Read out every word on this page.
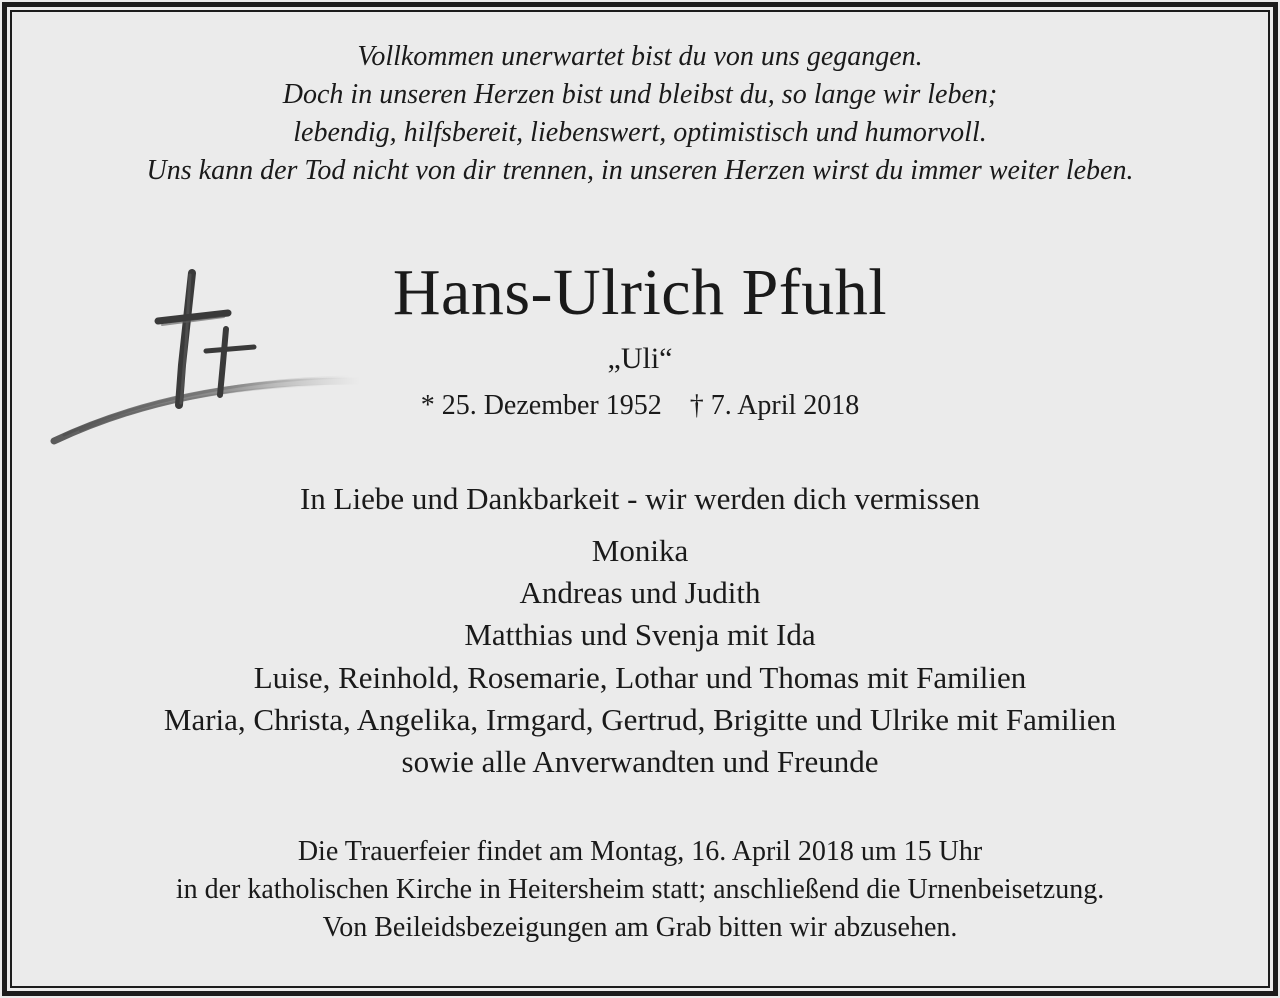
Vollkommen unerwartet bist du von uns gegangen.
Doch in unseren Herzen bist und bleibst du, so lange wir leben;
lebendig, hilfsbereit, liebenswert, optimistisch und humorvoll.
Uns kann der Tod nicht von dir trennen, in unseren Herzen wirst du immer weiter leben.
Hans-Ulrich Pfuhl
„Uli“
* 25. Dezember 1952 † 7. April 2018
In Liebe und Dankbarkeit - wir werden dich vermissen
Monika
Andreas und Judith
Matthias und Svenja mit Ida
Luise, Reinhold, Rosemarie, Lothar und Thomas mit Familien
Maria, Christa, Angelika, Irmgard, Gertrud, Brigitte und Ulrike mit Familien
sowie alle Anverwandten und Freunde
Die Trauerfeier findet am Montag, 16. April 2018 um 15 Uhr
in der katholischen Kirche in Heitersheim statt; anschließend die Urnenbeisetzung.
Von Beileidsbezeigungen am Grab bitten wir abzusehen.
